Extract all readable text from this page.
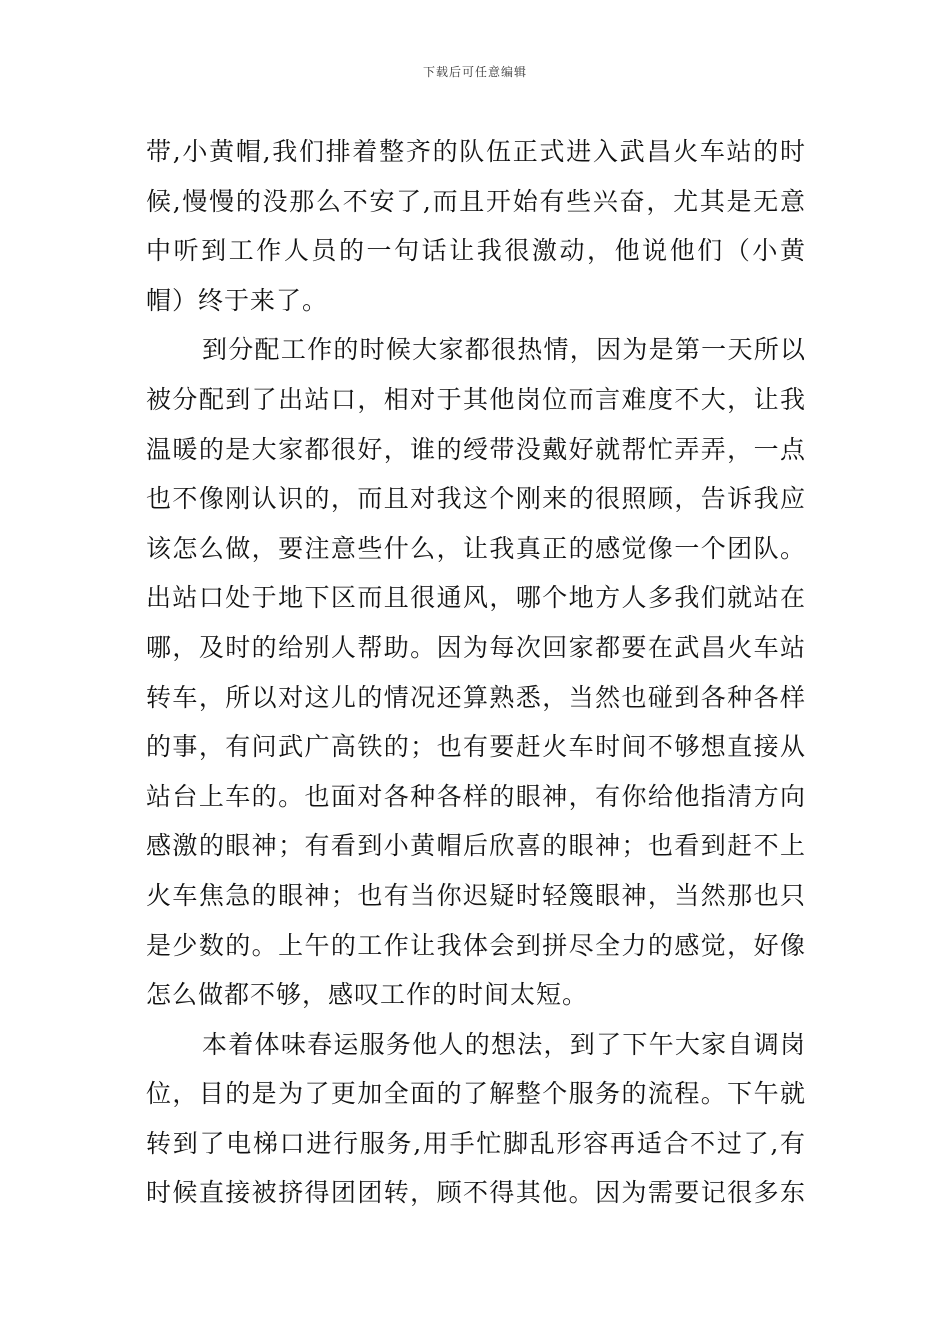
下载后可任意编辑
带,小黄帽,我们排着整齐的队伍正式进入武昌火车站的时
候,慢慢的没那么不安了,而且开始有些兴奋，尤其是无意
中听到工作人员的一句话让我很激动，他说他们（小黄
帽）终于来了。
到分配工作的时候大家都很热情，因为是第一天所以
被分配到了出站口，相对于其他岗位而言难度不大，让我
温暖的是大家都很好，谁的绶带没戴好就帮忙弄弄，一点
也不像刚认识的，而且对我这个刚来的很照顾，告诉我应
该怎么做，要注意些什么，让我真正的感觉像一个团队。
出站口处于地下区而且很通风，哪个地方人多我们就站在
哪，及时的给别人帮助。因为每次回家都要在武昌火车站
转车，所以对这儿的情况还算熟悉，当然也碰到各种各样
的事，有问武广高铁的；也有要赶火车时间不够想直接从
站台上车的。也面对各种各样的眼神，有你给他指清方向
感激的眼神；有看到小黄帽后欣喜的眼神；也看到赶不上
火车焦急的眼神；也有当你迟疑时轻篾眼神，当然那也只
是少数的。上午的工作让我体会到拼尽全力的感觉，好像
怎么做都不够，感叹工作的时间太短。
本着体味春运服务他人的想法，到了下午大家自调岗
位，目的是为了更加全面的了解整个服务的流程。下午就
转到了电梯口进行服务,用手忙脚乱形容再适合不过了,有
时候直接被挤得团团转，顾不得其他。因为需要记很多东
